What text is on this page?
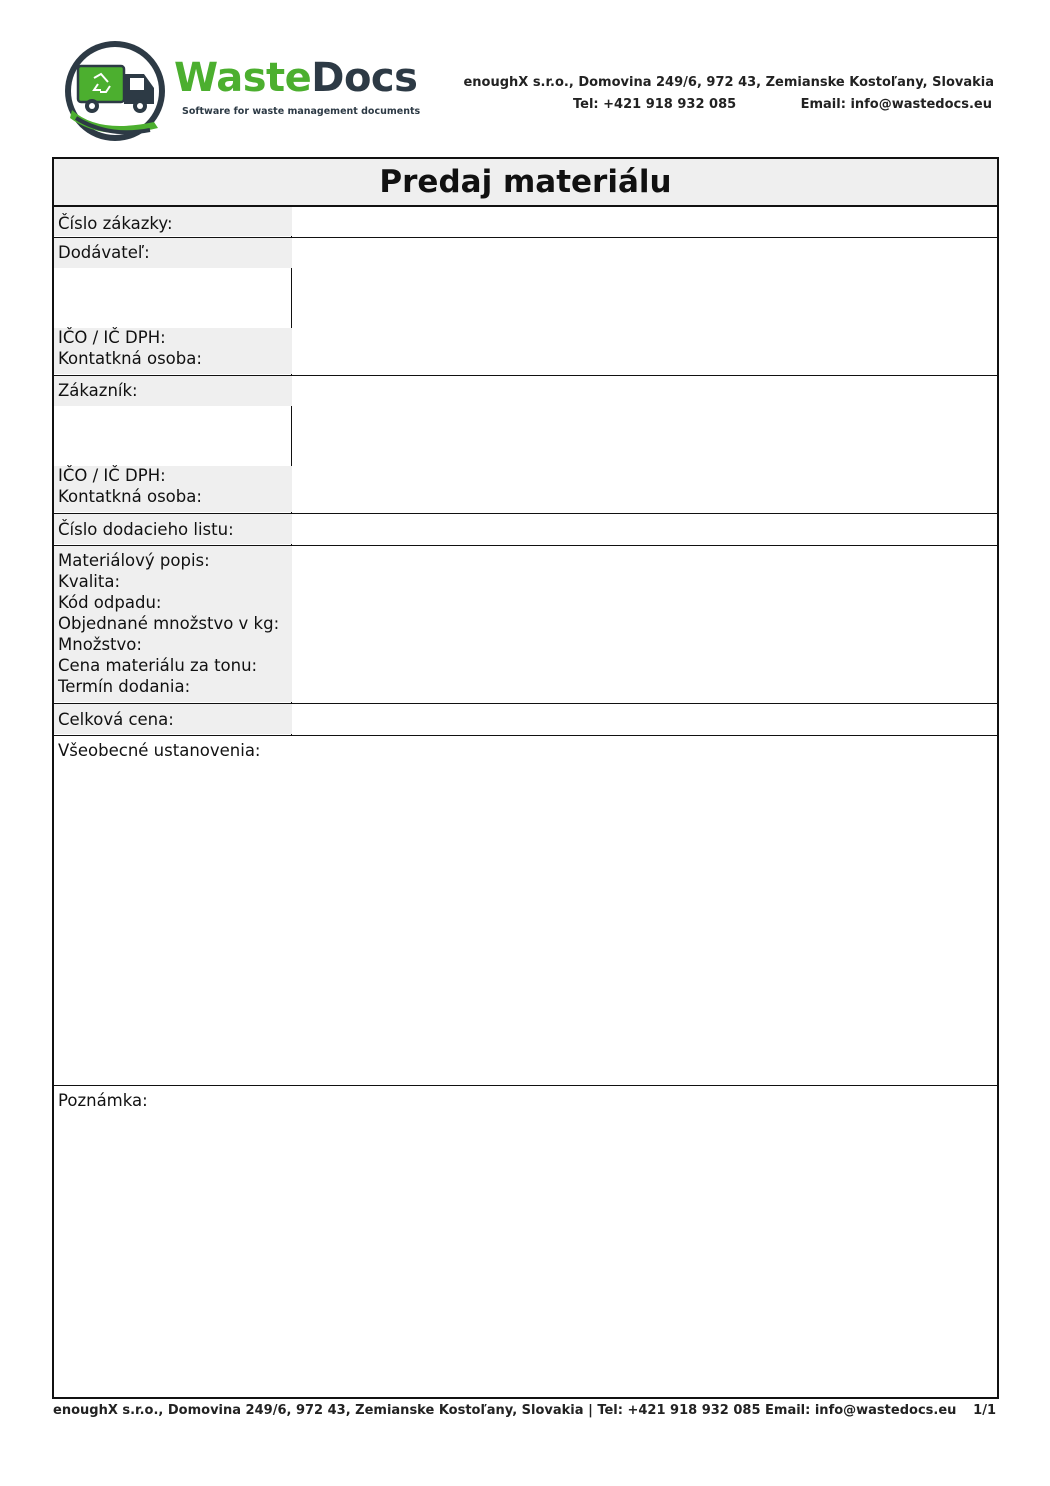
WasteDocs
Software for waste management documents
enoughX s.r.o., Domovina 249/6, 972 43, Zemianske Kostoľany, Slovakia
Tel: +421 918 932 085	Email: info@wastedocs.eu
Predaj materiálu
Číslo zákazky:
Dodávateľ:
IČO / IČ DPH:
Kontatkná osoba:
Zákazník:
IČO / IČ DPH:
Kontatkná osoba:
Číslo dodacieho listu:
Materiálový popis:
Kvalita:
Kód odpadu:
Objednané množstvo v kg:
Množstvo:
Cena materiálu za tonu:
Termín dodania:
Celková cena:
Všeobecné ustanovenia:
Poznámka:
enoughX s.r.o., Domovina 249/6, 972 43, Zemianske Kostoľany, Slovakia | Tel: +421 918 932 085 Email: info@wastedocs.eu 1/1
